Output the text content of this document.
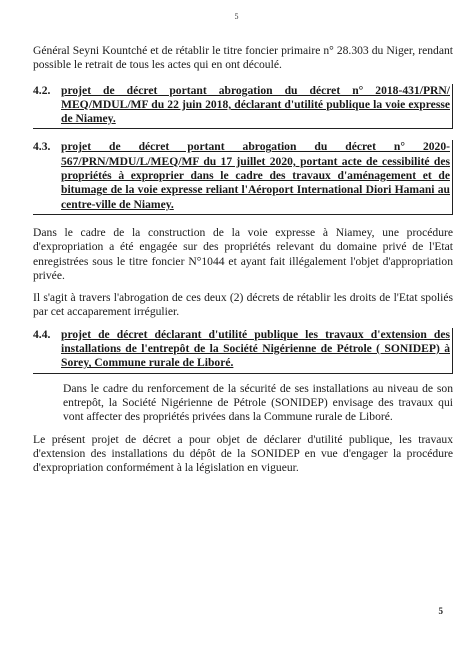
5

Général Seyni Kountché et de rétablir le titre foncier primaire n° 28.303 du Niger, rendant possible le retrait de tous les actes qui en ont découlé.

4.2. projet de décret portant abrogation du décret n° 2018-431/PRN/ MEQ/MDUL/MF du 22 juin 2018, déclarant d'utilité publique la voie expresse de Niamey.
4.3. projet de décret portant abrogation du décret n° 2020-567/PRN/MDU/L/MEQ/MF du 17 juillet 2020, portant acte de cessibilité des propriétés à exproprier dans le cadre des travaux d'aménagement et de bitumage de la voie expresse reliant l'Aéroport International Diori Hamani au centre-ville de Niamey.

Dans le cadre de la construction de la voie expresse à Niamey, une procédure d'expropriation a été engagée sur des propriétés relevant du domaine privé de l'Etat enregistrées sous le titre foncier N°1044 et ayant fait illégalement l'objet d'appropriation privée.

Il s'agit à travers l'abrogation de ces deux (2) décrets de rétablir les droits de l'Etat spoliés par cet accaparement irrégulier.

4.4. projet de décret déclarant d'utilité publique les travaux d'extension des installations de l'entrepôt de la Société Nigérienne de Pétrole ( SONIDEP) à Sorey, Commune rurale de Liboré.

Dans le cadre du renforcement de la sécurité de ses installations au niveau de son entrepôt, la Société Nigérienne de Pétrole (SONIDEP) envisage des travaux qui vont affecter des propriétés privées dans la Commune rurale de Liboré.

Le présent projet de décret a pour objet de déclarer d'utilité publique, les travaux d'extension des installations du dépôt de la SONIDEP en vue d'engager la procédure d'expropriation conformément à la législation en vigueur.

5
